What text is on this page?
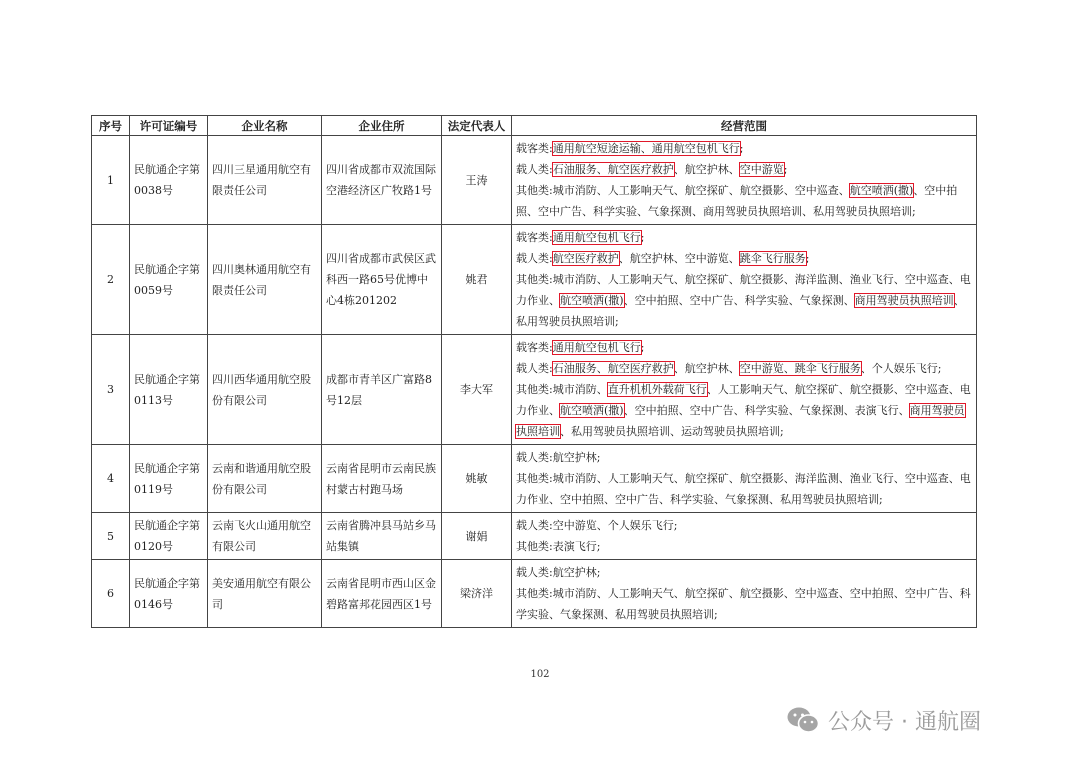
序号	许可证编号	企业名称	企业住所	法定代表人	经营范围
1	民航通企字第0038号	四川三星通用航空有限责任公司	四川省成都市双流国际空港经济区广牧路1号	王涛	载客类:通用航空短途运输、通用航空包机飞行;
载人类:石油服务、航空医疗救护、航空护林、空中游览;
其他类:城市消防、人工影响天气、航空探矿、航空摄影、空中巡查、航空喷洒(撒)、空中拍照、空中广告、科学实验、气象探测、商用驾驶员执照培训、私用驾驶员执照培训;

2	民航通企字第0059号	四川奥林通用航空有限责任公司	四川省成都市武侯区武科西一路65号优博中心4栋201202	姚君	载客类:通用航空包机飞行;
载人类:航空医疗救护、航空护林、空中游览、跳伞飞行服务;
其他类:城市消防、人工影响天气、航空探矿、航空摄影、海洋监测、渔业飞行、空中巡查、电力作业、航空喷洒(撒)、空中拍照、空中广告、科学实验、气象探测、商用驾驶员执照培训、私用驾驶员执照培训;

3	民航通企字第0113号	四川西华通用航空股份有限公司	成都市青羊区广富路8号12层	李大军	载客类:通用航空包机飞行;
载人类:石油服务、航空医疗救护、航空护林、空中游览、跳伞飞行服务、个人娱乐飞行;
其他类:城市消防、直升机机外载荷飞行、人工影响天气、航空探矿、航空摄影、空中巡查、电力作业、航空喷洒(撒)、空中拍照、空中广告、科学实验、气象探测、表演飞行、商用驾驶员执照培训、私用驾驶员执照培训、运动驾驶员执照培训;

4	民航通企字第0119号	云南和谐通用航空股份有限公司	云南省昆明市云南民族村蒙古村跑马场	姚敏	载人类:航空护林;
其他类:城市消防、人工影响天气、航空探矿、航空摄影、海洋监测、渔业飞行、空中巡查、电力作业、空中拍照、空中广告、科学实验、气象探测、私用驾驶员执照培训;

5	民航通企字第0120号	云南飞火山通用航空有限公司	云南省腾冲县马站乡马站集镇	谢娟	载人类:空中游览、个人娱乐飞行;
其他类:表演飞行;

6	民航通企字第0146号	美安通用航空有限公司	云南省昆明市西山区金碧路富邦花园西区1号	梁济洋	载人类:航空护林;
其他类:城市消防、人工影响天气、航空探矿、航空摄影、空中巡查、空中拍照、空中广告、科学实验、气象探测、私用驾驶员执照培训;
102
公众号 · 通航圈
